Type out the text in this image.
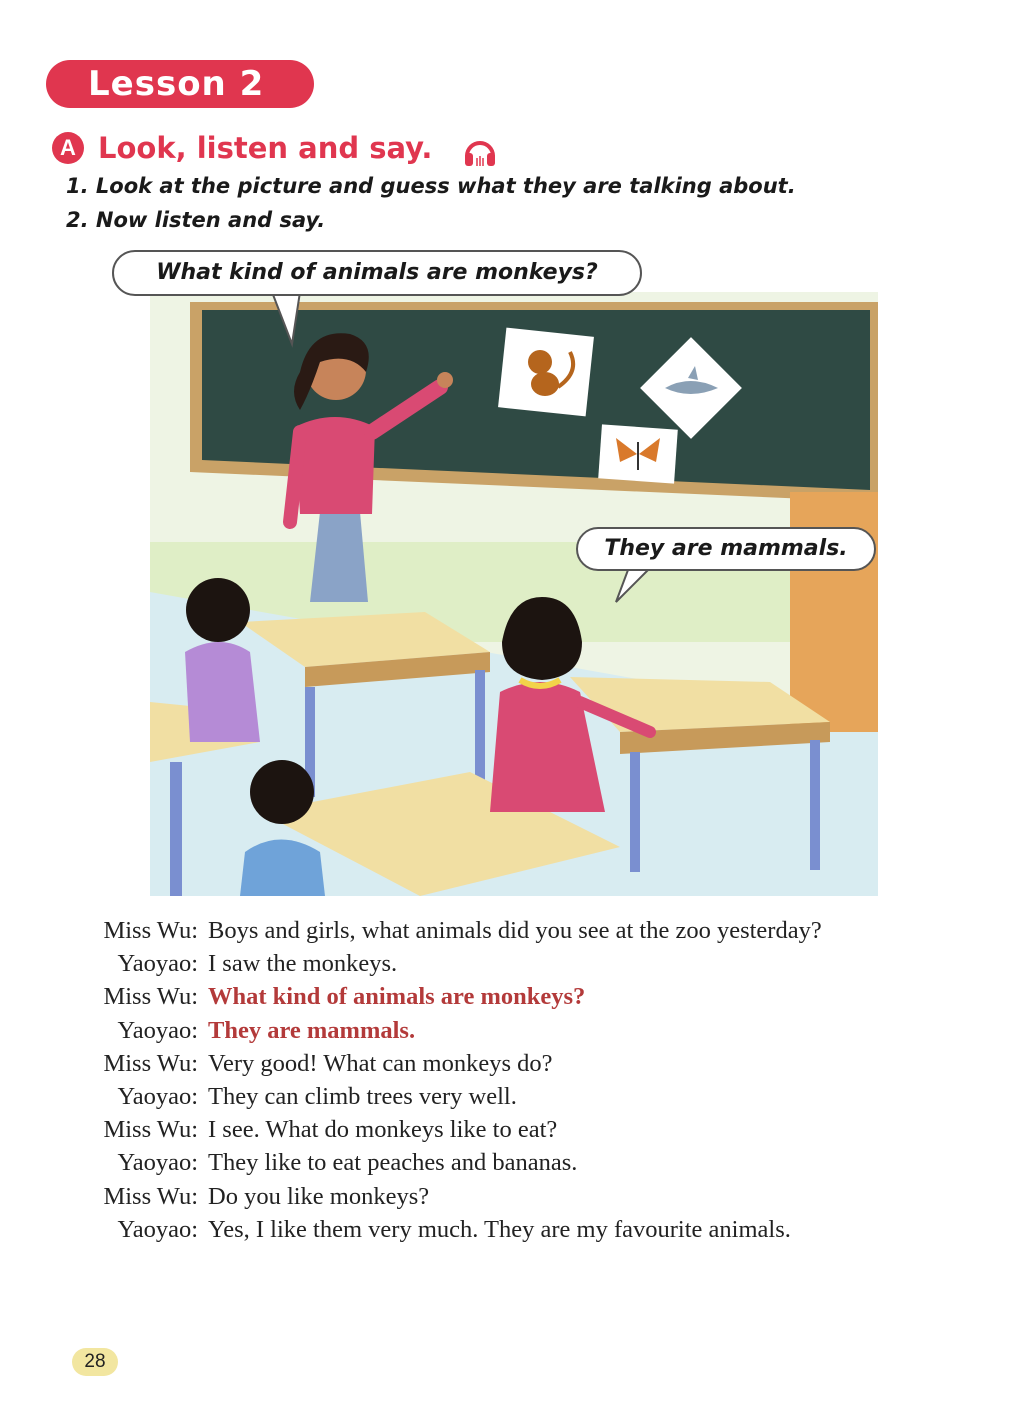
Lesson 2
A Look, listen and say.
1. Look at the picture and guess what they are talking about.
2. Now listen and say.
What kind of animals are monkeys?
They are mammals.
Miss Wu: Boys and girls, what animals did you see at the zoo yesterday?
Yaoyao: I saw the monkeys.
Miss Wu: What kind of animals are monkeys?
Yaoyao: They are mammals.
Miss Wu: Very good! What can monkeys do?
Yaoyao: They can climb trees very well.
Miss Wu: I see. What do monkeys like to eat?
Yaoyao: They like to eat peaches and bananas.
Miss Wu: Do you like monkeys?
Yaoyao: Yes, I like them very much. They are my favourite animals.
28
